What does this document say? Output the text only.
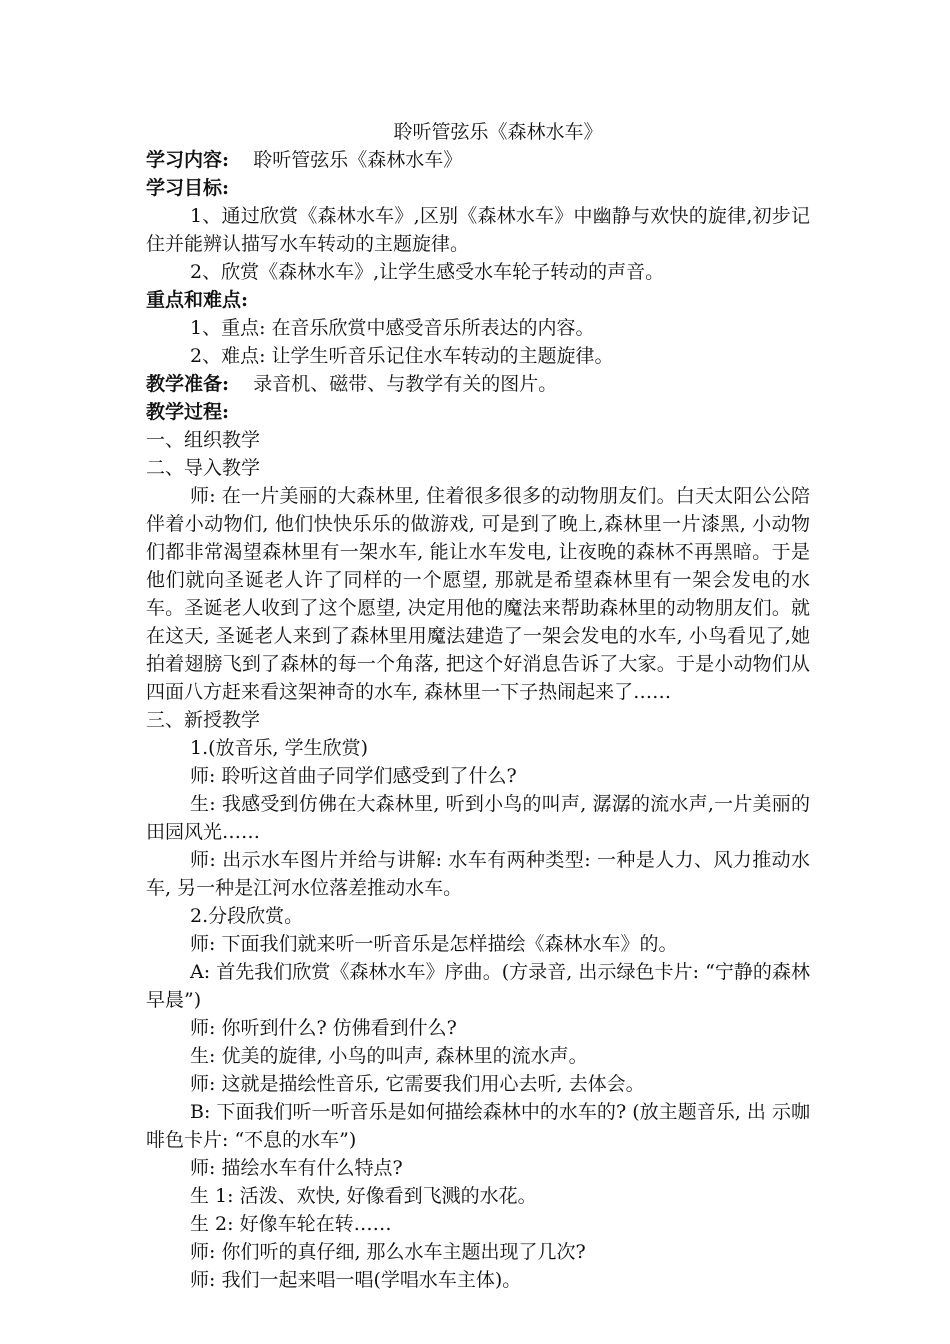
聆听管弦乐《森林水车》
学习内容: 聆听管弦乐《森林水车》
学习目标:
1、通过欣赏《森林水车》,区别《森林水车》中幽静与欢快的旋律,初步记住并能辨认描写水车转动的主题旋律。
2、欣赏《森林水车》,让学生感受水车轮子转动的声音。
重点和难点:
1、重点: 在音乐欣赏中感受音乐所表达的内容。
2、难点: 让学生听音乐记住水车转动的主题旋律。
教学准备: 录音机、磁带、与教学有关的图片。
教学过程:
一、组织教学
二、导入教学
师: 在一片美丽的大森林里, 住着很多很多的动物朋友们。白天太阳公公陪伴着小动物们, 他们快快乐乐的做游戏, 可是到了晚上,森林里一片漆黑, 小动物们都非常渴望森林里有一架水车, 能让水车发电, 让夜晚的森林不再黑暗。于是他们就向圣诞老人许了同样的一个愿望, 那就是希望森林里有一架会发电的水车。圣诞老人收到了这个愿望, 决定用他的魔法来帮助森林里的动物朋友们。就在这天, 圣诞老人来到了森林里用魔法建造了一架会发电的水车, 小鸟看见了,她拍着翅膀飞到了森林的每一个角落, 把这个好消息告诉了大家。于是小动物们从四面八方赶来看这架神奇的水车, 森林里一下子热闹起来了……
三、新授教学
1.(放音乐, 学生欣赏)
师: 聆听这首曲子同学们感受到了什么?
生: 我感受到仿佛在大森林里, 听到小鸟的叫声, 潺潺的流水声,一片美丽的田园风光……
师: 出示水车图片并给与讲解: 水车有两种类型: 一种是人力、风力推动水车, 另一种是江河水位落差推动水车。
2.分段欣赏。
师: 下面我们就来听一听音乐是怎样描绘《森林水车》的。
A: 首先我们欣赏《森林水车》序曲。(方录音, 出示绿色卡片: “宁静的森林早晨”)
师: 你听到什么? 仿佛看到什么?
生: 优美的旋律, 小鸟的叫声, 森林里的流水声。
师: 这就是描绘性音乐, 它需要我们用心去听, 去体会。
B: 下面我们听一听音乐是如何描绘森林中的水车的? (放主题音乐, 出 示咖啡色卡片: “不息的水车”)
师: 描绘水车有什么特点?
生 1: 活泼、欢快, 好像看到飞溅的水花。
生 2: 好像车轮在转……
师: 你们听的真仔细, 那么水车主题出现了几次?
师: 我们一起来唱一唱(学唱水车主体)。
